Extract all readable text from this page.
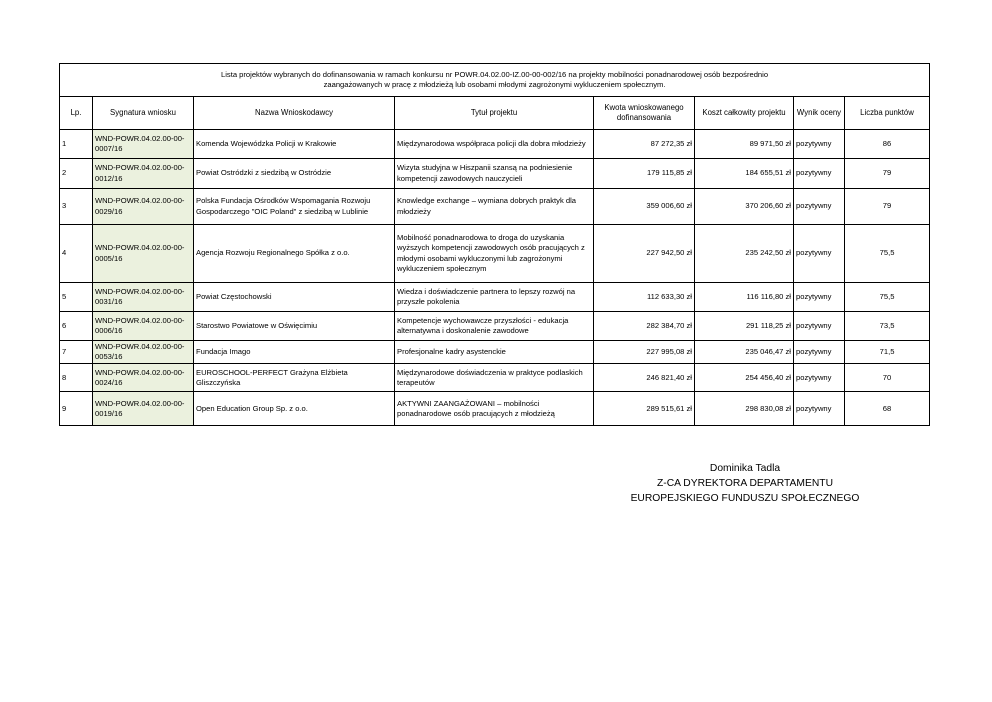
Lista projektów wybranych do dofinansowania w ramach konkursu nr POWR.04.02.00-IZ.00-00-002/16 na projekty mobilności ponadnarodowej osób bezpośrednio
zaangażowanych w pracę z młodzieżą lub osobami młodymi zagrożonymi wykluczeniem społecznym.							

Lp.	Sygnatura wniosku	Nazwa Wnioskodawcy	Tytuł projektu	Kwota wnioskowanego dofinansowania	Koszt całkowity projektu	Wynik oceny	Liczba punktów
1	WND-POWR.04.02.00-00-0007/16	Komenda Wojewódzka Policji w Krakowie	Międzynarodowa współpraca policji dla dobra młodzieży	87 272,35 zł	89 971,50 zł	pozytywny	86
2	WND-POWR.04.02.00-00-0012/16	Powiat Ostródzki z siedzibą w Ostródzie	Wizyta studyjna w Hiszpanii szansą na podniesienie kompetencji zawodowych nauczycieli	179 115,85 zł	184 655,51 zł	pozytywny	79
3	WND-POWR.04.02.00-00-0029/16	Polska Fundacja Ośrodków Wspomagania Rozwoju Gospodarczego "OIC Poland" z siedzibą w Lublinie	Knowledge exchange – wymiana dobrych praktyk dla młodzieży	359 006,60 zł	370 206,60 zł	pozytywny	79
4	WND-POWR.04.02.00-00-0005/16	Agencja Rozwoju Regionalnego Spółka z o.o.	Mobilność ponadnarodowa to droga do uzyskania wyższych kompetencji zawodowych osób pracujących z młodymi osobami wykluczonymi lub zagrożonymi wykluczeniem społecznym	227 942,50 zł	235 242,50 zł	pozytywny	75,5
5	WND-POWR.04.02.00-00-0031/16	Powiat Częstochowski	Wiedza i doświadczenie partnera to lepszy rozwój na przyszłe pokolenia	112 633,30 zł	116 116,80 zł	pozytywny	75,5
6	WND-POWR.04.02.00-00-0006/16	Starostwo Powiatowe w Oświęcimiu	Kompetencje wychowawcze przyszłości - edukacja alternatywna i doskonalenie zawodowe	282 384,70 zł	291 118,25 zł	pozytywny	73,5
7	WND-POWR.04.02.00-00-0053/16	Fundacja Imago	Profesjonalne kadry asystenckie	227 995,08 zł	235 046,47 zł	pozytywny	71,5
8	WND-POWR.04.02.00-00-0024/16	EUROSCHOOL-PERFECT Grażyna Elżbieta Gliszczyńska	Międzynarodowe doświadczenia w praktyce podlaskich terapeutów	246 821,40 zł	254 456,40 zł	pozytywny	70
9	WND-POWR.04.02.00-00-0019/16	Open Education Group Sp. z o.o.	AKTYWNI ZAANGAŻOWANI – mobilności ponadnarodowe osób pracujących z młodzieżą	289 515,61 zł	298 830,08 zł	pozytywny	68
Dominika Tadla
Z-CA DYREKTORA DEPARTAMENTU
EUROPEJSKIEGO FUNDUSZU SPOŁECZNEGO
